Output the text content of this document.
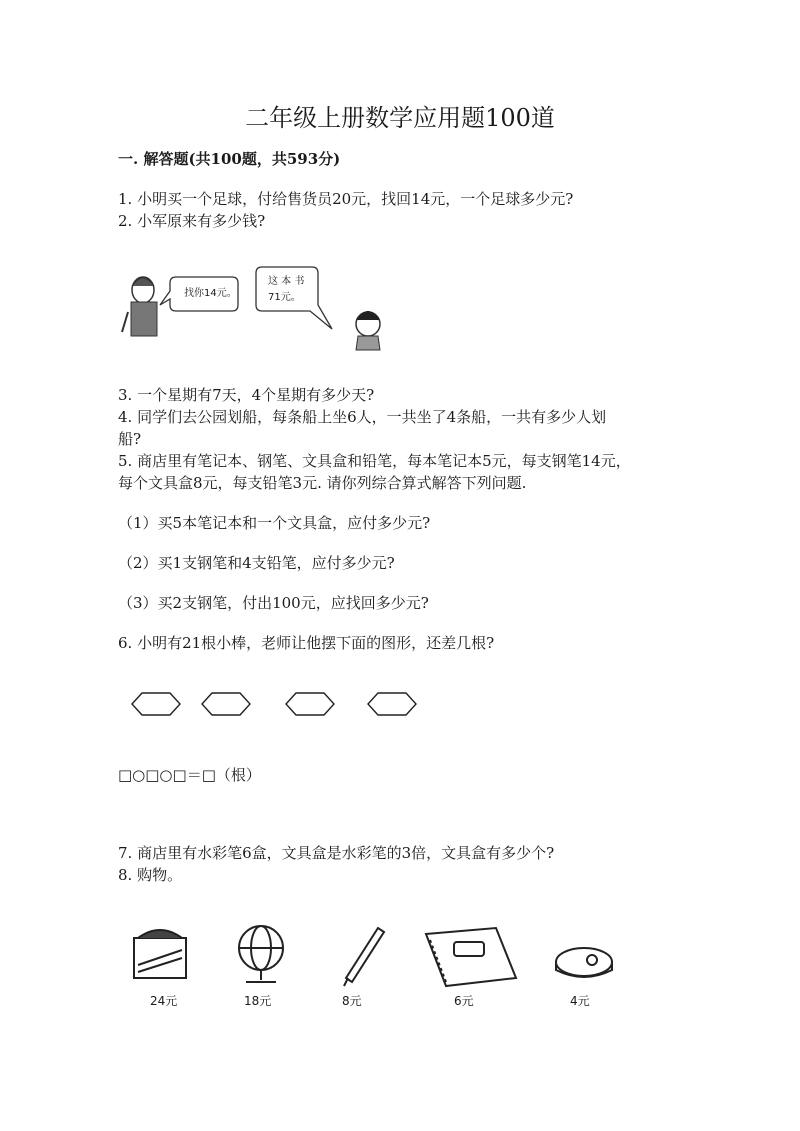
二年级上册数学应用题100道
一. 解答题(共100题，共593分)
1. 小明买一个足球，付给售货员20元，找回14元，一个足球多少元?
2. 小军原来有多少钱?
找你14元。
这 本 书
71元。
3. 一个星期有7天，4个星期有多少天?
4. 同学们去公园划船，每条船上坐6人，一共坐了4条船，一共有多少人划
船?
5. 商店里有笔记本、钢笔、文具盒和铅笔，每本笔记本5元，每支钢笔14元，
每个文具盒8元，每支铅笔3元. 请你列综合算式解答下列问题.
（1）买5本笔记本和一个文具盒，应付多少元?
（2）买1支钢笔和4支铅笔，应付多少元?
（3）买2支钢笔，付出100元，应找回多少元?
6. 小明有21根小棒，老师让他摆下面的图形，还差几根?
□○□○□＝□（根）
7. 商店里有水彩笔6盒，文具盒是水彩笔的3倍，文具盒有多少个?
8. 购物。
24元	18元	8元	6元	4元
